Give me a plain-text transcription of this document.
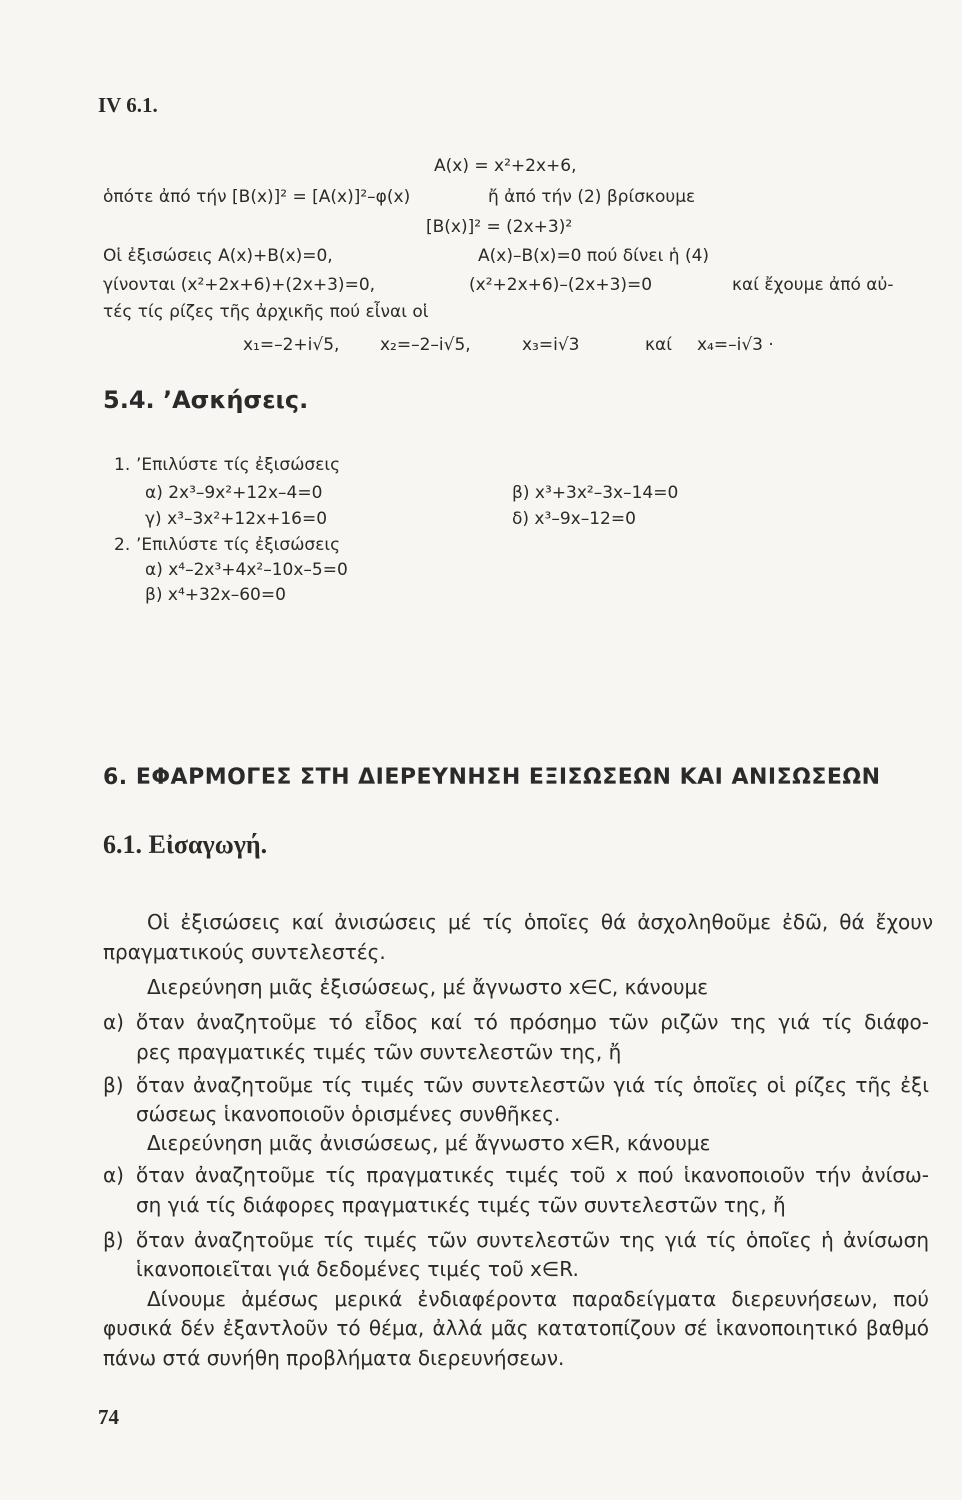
IV 6.1.
A(x) = x²+2x+6,
ὁπότε ἀπό τήν [B(x)]² = [A(x)]²–φ(x)	ἤ ἀπό τήν (2) βρίσκουμε
[B(x)]² = (2x+3)²
Οἱ ἐξισώσεις A(x)+B(x)=0,	A(x)–B(x)=0 πού δίνει ἡ (4)
γίνονται (x²+2x+6)+(2x+3)=0,	(x²+2x+6)–(2x+3)=0	καί ἔχουμε ἀπό αὐ-
τές τίς ρίζες τῆς ἀρχικῆς πού εἶναι οἱ
x₁=–2+i√5, x₂=–2–i√5,	x₃=i√3	καί x₄=–i√3 ·
5.4. ’Ασκήσεις.
1. ’Επιλύστε τίς ἐξισώσεις
α) 2x³–9x²+12x–4=0	β) x³+3x²–3x–14=0
γ) x³–3x²+12x+16=0	δ) x³–9x–12=0
2. ’Επιλύστε τίς ἐξισώσεις
α) x⁴–2x³+4x²–10x–5=0
β) x⁴+32x–60=0
6. ΕΦΑΡΜΟΓΕΣ ΣΤΗ ΔΙΕΡΕΥΝΗΣΗ ΕΞΙΣΩΣΕΩΝ ΚΑΙ ΑΝΙΣΩΣΕΩΝ
6.1. Εἰσαγωγή.
Οἱ ἐξισώσεις καί ἀνισώσεις μέ τίς ὁποῖες θά ἀσχοληθοῦμε ἐδῶ, θά ἔχουν
πραγματικούς συντελεστές.
Διερεύνηση μιᾶς ἐξισώσεως, μέ ἄγνωστο x∈C, κάνουμε
α) ὅταν ἀναζητοῦμε τό εἶδος καί τό πρόσημο τῶν ριζῶν της γιά τίς διάφο-
ρες πραγματικές τιμές τῶν συντελεστῶν της, ἤ
β) ὅταν ἀναζητοῦμε τίς τιμές τῶν συντελεστῶν γιά τίς ὁποῖες οἱ ρίζες τῆς ἐξι
σώσεως ἱκανοποιοῦν ὁρισμένες συνθῆκες.
Διερεύνηση μιᾶς ἀνισώσεως, μέ ἄγνωστο x∈R, κάνουμε
α) ὅταν ἀναζητοῦμε τίς πραγματικές τιμές τοῦ x πού ἱκανοποιοῦν τήν ἀνίσω-
ση γιά τίς διάφορες πραγματικές τιμές τῶν συντελεστῶν της, ἤ
β) ὅταν ἀναζητοῦμε τίς τιμές τῶν συντελεστῶν της γιά τίς ὁποῖες ἡ ἀνίσωση
ἱκανοποιεῖται γιά δεδομένες τιμές τοῦ x∈R.
Δίνουμε ἀμέσως μερικά ἐνδιαφέροντα παραδείγματα διερευνήσεων, πού
φυσικά δέν ἐξαντλοῦν τό θέμα, ἀλλά μᾶς κατατοπίζουν σέ ἱκανοποιητικό βαθμό
πάνω στά συνήθη προβλήματα διερευνήσεων.
74
